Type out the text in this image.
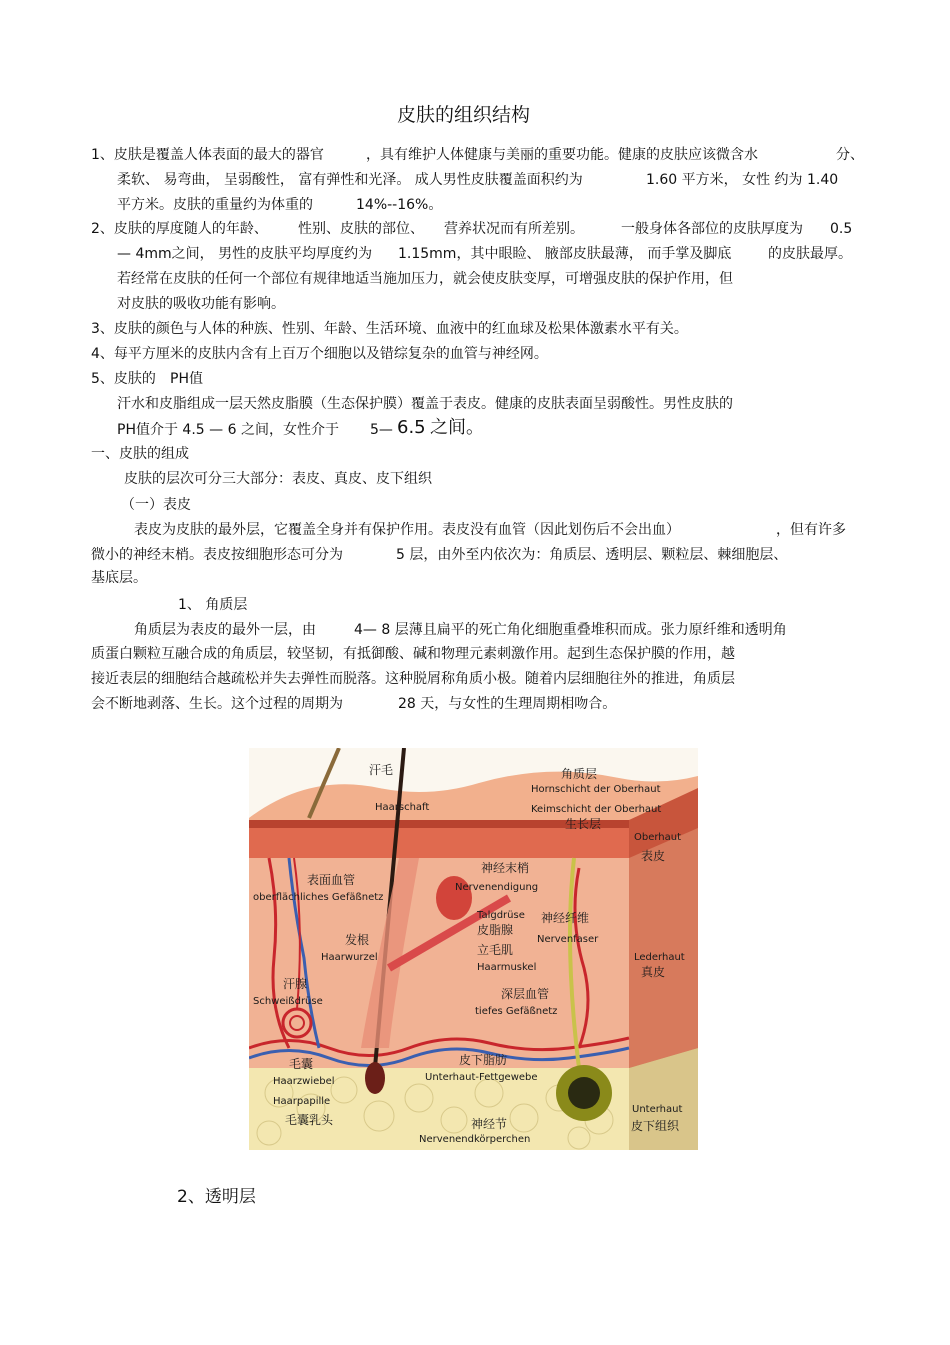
皮肤的组织结构
1、皮肤是覆盖人体表面的最大的器官	，具有维护人体健康与美丽的重要功能。健康的皮肤应该微含水	分、
柔软、 易弯曲， 呈弱酸性， 富有弹性和光泽。 成人男性皮肤覆盖面积约为	1.60 平方米， 女性 约为 1.40
平方米。皮肤的重量约为体重的	14%--16%。
2、皮肤的厚度随人的年龄、 性别、皮肤的部位、 营养状况而有所差别。	一般身体各部位的皮肤厚度为 0.5
— 4mm之间， 男性的皮肤平均厚度约为 1.15mm，其中眼睑、 腋部皮肤最薄， 而手掌及脚底	的皮肤最厚。
若经常在皮肤的任何一个部位有规律地适当施加压力，就会使皮肤变厚，可增强皮肤的保护作用，但
对皮肤的吸收功能有影响。
3、皮肤的颜色与人体的种族、性别、年龄、生活环境、血液中的红血球及松果体激素水平有关。
4、每平方厘米的皮肤内含有上百万个细胞以及错综复杂的血管与神经网。
5、皮肤的 PH值
汗水和皮脂组成一层天然皮脂膜（生态保护膜）覆盖于表皮。健康的皮肤表面呈弱酸性。男性皮肤的
PH值介于 4.5 — 6 之间，女性介于 5— 6.5 之间。
一、皮肤的组成
皮肤的层次可分三大部分：表皮、真皮、皮下组织
（一）表皮
表皮为皮肤的最外层，它覆盖全身并有保护作用。表皮没有血管（因此划伤后不会出血）	，但有许多
微小的神经末梢。表皮按细胞形态可分为	5 层，由外至内依次为：角质层、透明层、颗粒层、棘细胞层、
基底层。
1、 角质层
角质层为表皮的最外一层，由	4— 8 层薄且扁平的死亡角化细胞重叠堆积而成。张力原纤维和透明角
质蛋白颗粒互融合成的角质层，较坚韧，有抵御酸、碱和物理元素刺激作用。起到生态保护膜的作用，越
接近表层的细胞结合越疏松并失去弹性而脱落。这种脱屑称角质小极。随着内层细胞往外的推进，角质层
会不断地剥落、生长。这个过程的周期为	28 天，与女性的生理周期相吻合。
汗毛
Haarschaft
角质层
Hornschicht der Oberhaut
Keimschicht der Oberhaut
生长层
Oberhaut
表皮
表面血管
oberflächliches Gefäßnetz
神经末梢
Nervenendigung
Talgdrüse
皮脂腺
神经纤维
Nervenfaser
发根
Haarwurzel
立毛肌
Haarmuskel
Lederhaut
真皮
汗腺
Schweißdrüse
深层血管
tiefes Gefäßnetz
毛囊
Haarzwiebel
皮下脂肪
Unterhaut-Fettgewebe
Haarpapille
毛囊乳头	神经节
Nervenendkörperchen
Unterhaut
皮下组织
2、透明层
